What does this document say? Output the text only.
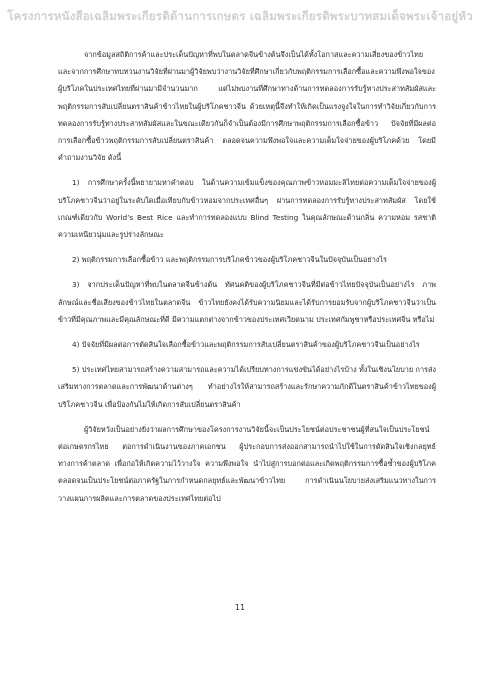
โครงการหนังสือเฉลิมพระเกียรติด้านการเกษตร เฉลิมพระเกียรติพระบาทสมเด็จพระเจ้าอยู่หัว

จากข้อมูลสถิติการค้าและประเด็นปัญหาที่พบในตลาดจีนข้างต้นจึงเป็นได้ทั้งโอกาสและความเสี่ยงของข้าวไทย และจากการศึกษาทบทวนงานวิจัยที่ผ่านมาผู้วิจัยพบว่างานวิจัยที่ศึกษาเกี่ยวกับพฤติกรรมการเลือกซื้อและความพึงพอใจของผู้บริโภคในประเทศไทยที่ผ่านมามีจำนวนมาก แต่ไม่พบงานที่ศึกษาทางด้านการทดลองการรับรู้ทางประสาทสัมผัสและพฤติกรรมการสับเปลี่ยนตราสินค้าข้าวไทยในผู้บริโภคชาวจีน ด้วยเหตุนี้จึงทำให้เกิดเป็นแรงจูงใจในการทำวิจัยเกี่ยวกับการทดลองการรับรู้ทางประสาทสัมผัสและในขณะเดียวกันก็จำเป็นต้องมีการศึกษาพฤติกรรมการเลือกซื้อข้าว ปัจจัยที่มีผลต่อการเลือกซื้อข้าวพฤติกรรมการสับเปลี่ยนตราสินค้า ตลอดจนความพึงพอใจและความเต็มใจจ่ายของผู้บริโภคด้วย โดยมีคำถามงานวิจัย ดังนี้

1) การศึกษาครั้งนี้พยายามหาคำตอบ ในด้านความเข้มแข็งของคุณภาพข้าวหอมมะลิไทยต่อความเต็มใจจ่ายของผู้บริโภคชาวจีนว่าอยู่ในระดับใดเมื่อเทียบกับข้าวหอมจากประเทศอื่นๆ ผ่านการทดลองการรับรู้ทางประสาทสัมผัส โดยใช้เกณฑ์เดียวกับ World’s Best Rice และทำการทดลองแบบ Blind Testing ในคุณลักษณะด้านกลิ่น ความหอม รสชาติ ความเหนียวนุ่มและรูปร่างลักษณะ

2) พฤติกรรมการเลือกซื้อข้าว และพฤติกรรมการบริโภคข้าวของผู้บริโภคชาวจีนในปัจจุบันเป็นอย่างไร

3) จากประเด็นปัญหาที่พบในตลาดจีนข้างต้น ทัศนคติของผู้บริโภคชาวจีนที่มีต่อข้าวไทยปัจจุบันเป็นอย่างไร ภาพลักษณ์และชื่อเสียงของข้าวไทยในตลาดจีน ข้าวไทยยังคงได้รับความนิยมและได้รับการยอมรับจากผู้บริโภคชาวจีนว่าเป็นข้าวที่มีคุณภาพและมีคุณลักษณะที่ดี มีความแตกต่างจากข้าวของประเทศเวียดนาม ประเทศกัมพูชาหรือประเทศจีน หรือไม่

4) ปัจจัยที่มีผลต่อการตัดสินใจเลือกซื้อข้าวและพฤติกรรมการสับเปลี่ยนตราสินค้าของผู้บริโภคชาวจีนเป็นอย่างไร

5) ประเทศไทยสามารถสร้างความสามารถและความได้เปรียบทางการแข่งขันได้อย่างไรบ้าง ทั้งในเชิงนโยบาย การส่งเสริมทางการตลาดและการพัฒนาด้านต่างๆ ทำอย่างไรให้สามารถสร้างและรักษาความภักดีในตราสินค้าข้าวไทยของผู้บริโภคชาวจีน เพื่อป้องกันไม่ให้เกิดการสับเปลี่ยนตราสินค้า

ผู้วิจัยหวังเป็นอย่างยิ่งว่าผลการศึกษาของโครงการงานวิจัยนี้จะเป็นประโยชน์ต่อประชาชนผู้ที่สนใจเป็นประโยชน์ต่อเกษตรกรไทย ต่อการดำเนินงานของภาคเอกชน ผู้ประกอบการส่งออกสามารถนำไปใช้ในการตัดสินใจเชิงกลยุทธ์ทางการค้าตลาด เพื่อก่อให้เกิดความไว้วางใจ ความพึงพอใจ นำไปสู่การบอกต่อและเกิดพฤติกรรมการซื้อซ้ำของผู้บริโภค ตลอดจนเป็นประโยชน์ต่อภาครัฐในการกำหนดกลยุทธ์และพัฒนาข้าวไทย การดำเนินนโยบายส่งเสริมแนวทางในการวางแผนการผลิตและการตลาดของประเทศไทยต่อไป

11
